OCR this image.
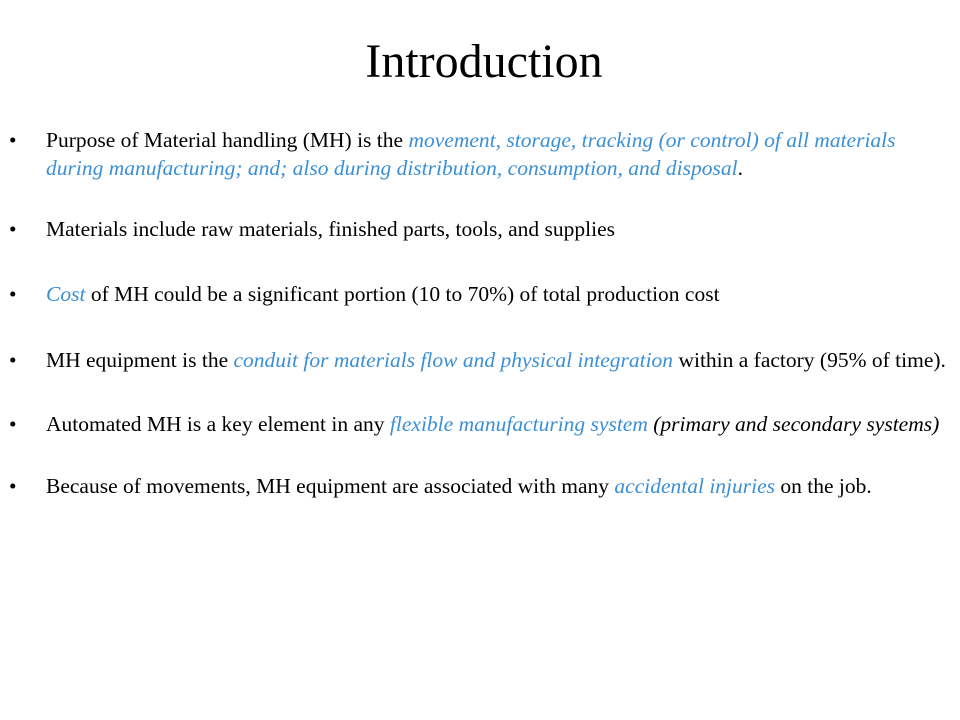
Introduction
• Purpose of Material handling (MH) is the movement, storage, tracking (or control) of all materials during manufacturing; and; also during distribution, consumption, and disposal.
• Materials include raw materials, finished parts, tools, and supplies
• Cost of MH could be a significant portion (10 to 70%) of total production cost
• MH equipment is the conduit for materials flow and physical integration within a factory (95% of time).
• Automated MH is a key element in any flexible manufacturing system (primary and secondary systems)
• Because of movements, MH equipment are associated with many accidental injuries on the job.
